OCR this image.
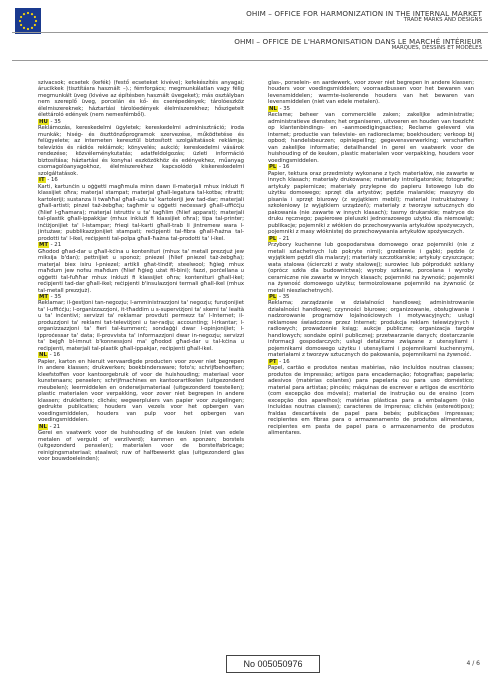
OHIM – OFFICE FOR HARMONIZATION IN THE INTERNAL MARKET
TRADE MARKS AND DESIGNS
OHMI – OFFICE DE L'HARMONISATION DANS LE MARCHÉ INTÉRIEUR
MARQUES, DESSINS ET MODÈLES
szivacsok; ecsetek (kefék) (festő ecseteket kivéve); kefekészítés anyagai; árucikkek (tisztításra használt –).; fémforgács; megmunkálatlan vagy félig megmunkált üveg (kivéve az építésben használt üvegeket); más osztályban nem szereplő üveg, porcelán és kő- és cserépedények; tárolóeszköz élelmiszereknek; háztartási tárolóedények élelmiszerekhez; hőszigetelt élettároló edények (nem nemesfémből).
HU - 35
Reklámozás, kereskedelmi ügyletek; kereskedelmi adminisztráció; iroda munkák; hiség- és öszttönzőprogramok szervezése, működtetése és felügyelete; az interneten keresztül biztosított szolgáltatások reklámja; televíziós és rádiós reklámok; könyvelés; aukció; kereskedelmi vásárok rendezése; közvéleménykutatás; adatfeldolgozás; üzleti információ biztosítása; háztartási és konyhai eszközökhöz és edényekhez, műanyag csomagolóanyagokhoz, élelmiszerekhez kapcsolódó kiskereskedelmi szolgáltatások.
IT - 16
Karti, kartunċin u oġġetti magħmula minn dawn il-materjali mhux inklużi fi klassijiet oħra; materjal stampat; materjal għall-legatura tal-kotba; ritratti; kartoleriji; sustanza li twaħħal għall-użu ta' kartoleriji jew tad-dar; materjali għall-artisti; pinzel taż-żebgħa; tagħmir u oġġetti neċessarji għall-uffiċċju (ħlief l-għamara); materjal istruttiv u ta' tagħlim (ħlief apparat); materjali tal-plastik għall-ippakkjar (mhux inklużi fi klassijiet oħra); tipa tal-printer; inċiżjonijiet ta' l-istampar; frieqi tal-karti għall-trab li jintremew wara l-jintużaw; pubblikazzjonijiet stampati; reċipjenti tal-fibra għall-ħażna tal-prodotti ta' l-ikel, reċipjenti tal-polpa għall-ħażna tal-prodotti ta' l-ikel.
MT - 21
Għodod għad-dar u għall-kċina u kontenituri (mhux ta' metall prezzjuż jew miksija b'dan); pettnijiet u sponoż; pniezel (ħlief pniezel taż-żebgħa); materjal biex isiru l-pniezel; artikli għat-tindif; steelwool; ħġieġ mhux maħdum jew nofsu maħdum (ħlief ħġieġ użat fil-bini); fazzi, porċellana u oġġetti tal-fuħħar mhux inklużi fi klassijiet oħra; kontenituri għall-ikel; reċipjenti tad-dar għall-ikel; reċipjenti b'insulazzjoni termali għall-ikel (mhux tal-metall prezzjuż).
MT - 35
Reklamar; il-ġestjoni tan-negozju; l-amministrazzjoni ta' negozju; funzjonijiet ta' l-uffiċċju; l-organizzazzjoni, it-tħaddim u s-superviżjoni ta' skemi ta' lealtà u ta' inċentivi; servizzi ta' reklamar provduti permezz ta' l-Internet; il-produzzjoni ta' reklami tat-televiżjoni u tar-radju; accounting; l-irkantar; l-organizzazzjoni ta' fieri tal-kummerċ; sondaġġi dwar l-opinjonijiet; l-ipproċessar ta' data; il-provvista ta' informazzjoni dwar in-negozju; servizzi ta' bejgħ bl-imnut b'konnessjoni ma' għodod għad-dar u tal-kċina u reċipjenti, materjali tal-plastik għall-ippakjar, reċipjenti għall-ikel.
NL - 16
Papier, karton en hieruit vervaardigde producten voor zover niet begrepen in andere klassen; drukwerken; boekbindersware; foto's; schrijfbehoeften; kleefstoffen voor kantoorgebruik of voor de huishouding; materiaal voor kunstenaars; penselen; schrijfmachines en kantoorartikelen (uitgezonderd meubelen); leermiddelen en onderwijsmateriaal (uitgezonderd toestellen); plastic materialen voor verpakking, voor zover niet begrepen in andere klassen; drukletters; clichés; wegwerpluiers van papier voor zuigelingen; gedrukte publicaties; houders van vezels voor het opbergen van voedingsmiddelen, houders van pulp voor het opbergen van voedingsmiddelen.
NL - 21
Gerei en vaatwerk voor de huishouding of de keuken (niet van edele metalen of verguld of verzilverd); kammen en sponzen; borstels (uitgezonderd penselen); materialen voor de borstelfabricage; reinigingsmateriaal; staalwol; ruw of halfbewerkt glas (uitgezonderd glas voor bouwdoeleinden);
glas-, porselein- en aardewerk, voor zover niet begrepen in andere klassen; houders voor voedingsmiddelen; voorraadbussen voor het bewaren van levensmiddelen; warmte-isolerende houders van het bewaren van levensmiddelen (niet van edele metalen).
NL - 35
Reclame; beheer van commerciële zaken; zakelijke administratie; administratieve diensten; het organiseren, uitvoeren en houden van toezicht op klantenbindings- en -aanmoedigingsacties; Reclame geleverd via internet; productie van televisie- en radioreclame; boekhouden; verkoop bij opbod; handelsbeurzen; opiniepeiling; gegevensverwerking; verschaffen van zakelijke informatie; detailhandel in gerei en vaatwerk voor de huishouding of de keuken, plastic materialen voor verpakking, houders voor voedingsmiddelen.
PL - 16
Papier, tektura oraz przedmioty wykonane z tych materiałów, nie zawarte w innych klasach; materiały drukowane; materiały introligatorskie; fotografie; artykuły papiernicze; materiały przylepne do papieru listowego lub do użytku domowego; sprzęt dla artystów; pędzle malarskie; maszyny do pisania i sprzęt biurowy (z wyjątkiem mebli); materiał instruktażowy i szkoleniowy (z wyjątkiem urządzeń); materiały z tworzyw sztucznych do pakowania (nie zawarte w innych klasach); tasmy drukarskie; matryce do druku ręcznego; papierowe pieluszki jednorazowego użytku dla niemowląt; publikacje; pojemniki z włókien do przechowywania artykułów spożywczych, pojemniki z masy włóknistej do przechowywania artykułów spożywczych.
PL - 21
Przybory kuchenne lub gospodarstwa domowego oraz pojemniki (nie z metali szlachetnych lub pokryte nimi); grzebienie i gąbki; pędzle (z wyjątkiem pędzli dla malarzy); materiały szczotkarskie; artykuły czyszczące; wata stalowa (ścierczki z waty stalowej); surowiec lub półprodukt szklany (oprócz szkła dla budownictwa); wyroby szklane, porcelana i wyroby ceramiczne nie zawarte w innych klasach; pojemniki na żywność; pojemniki na żywność domowego użytku; termoizolowane pojemniki na żywność (z metali nieszlachetnych).
PL - 35
Reklama; zarządzanie w działalności handlowej; administrowanie działalności handlowej; czynności biurowe; organizowanie, obsługiwanie i nadzorowanie programów lojalnościowych i motywacyjnych; usługi reklamowe świadczone przez Internet; produkcja reklam telewizyjnych i radiowych; prowadzenie ksiąg; aukcje publiczne; organizacja targów handlowych; sondaże opinii publicznej; przetwarzanie danych; dostarczanie informacji gospodarczych; usługi detaliczne związane z utensyliami i pojemnikami domowego użytku i utensyliami i pojemnikami kuchennymi, materiałami z tworzyw sztucznych do pakowania, pojemnikami na żywność.
PT - 16
Papel, cartão e produtos nestas matérias, não incluídos noutras classes; produtos de impressão; artigos para encadernação; fotografias; papelaria; adesivos (matérias colantes) para papelaria ou para uso doméstico; material para artistas; pincéis; máquinas de escrever e artigos de escritório (com excepção dos móveis); material de instrução ou de ensino (com excepção dos aparelhos); matérias plásticas para a embalagem (não incluídas noutras classes); caracteres de imprensa; clichés (estereótipos); fraldas descartáveis de papel para bebés; publicações impressas; recipientes em fibras para o armazenamento de produtos alimentares, recipientes em pasta de papel para o armazenamento de produtos alimentares.
No 005050976	4 / 6
